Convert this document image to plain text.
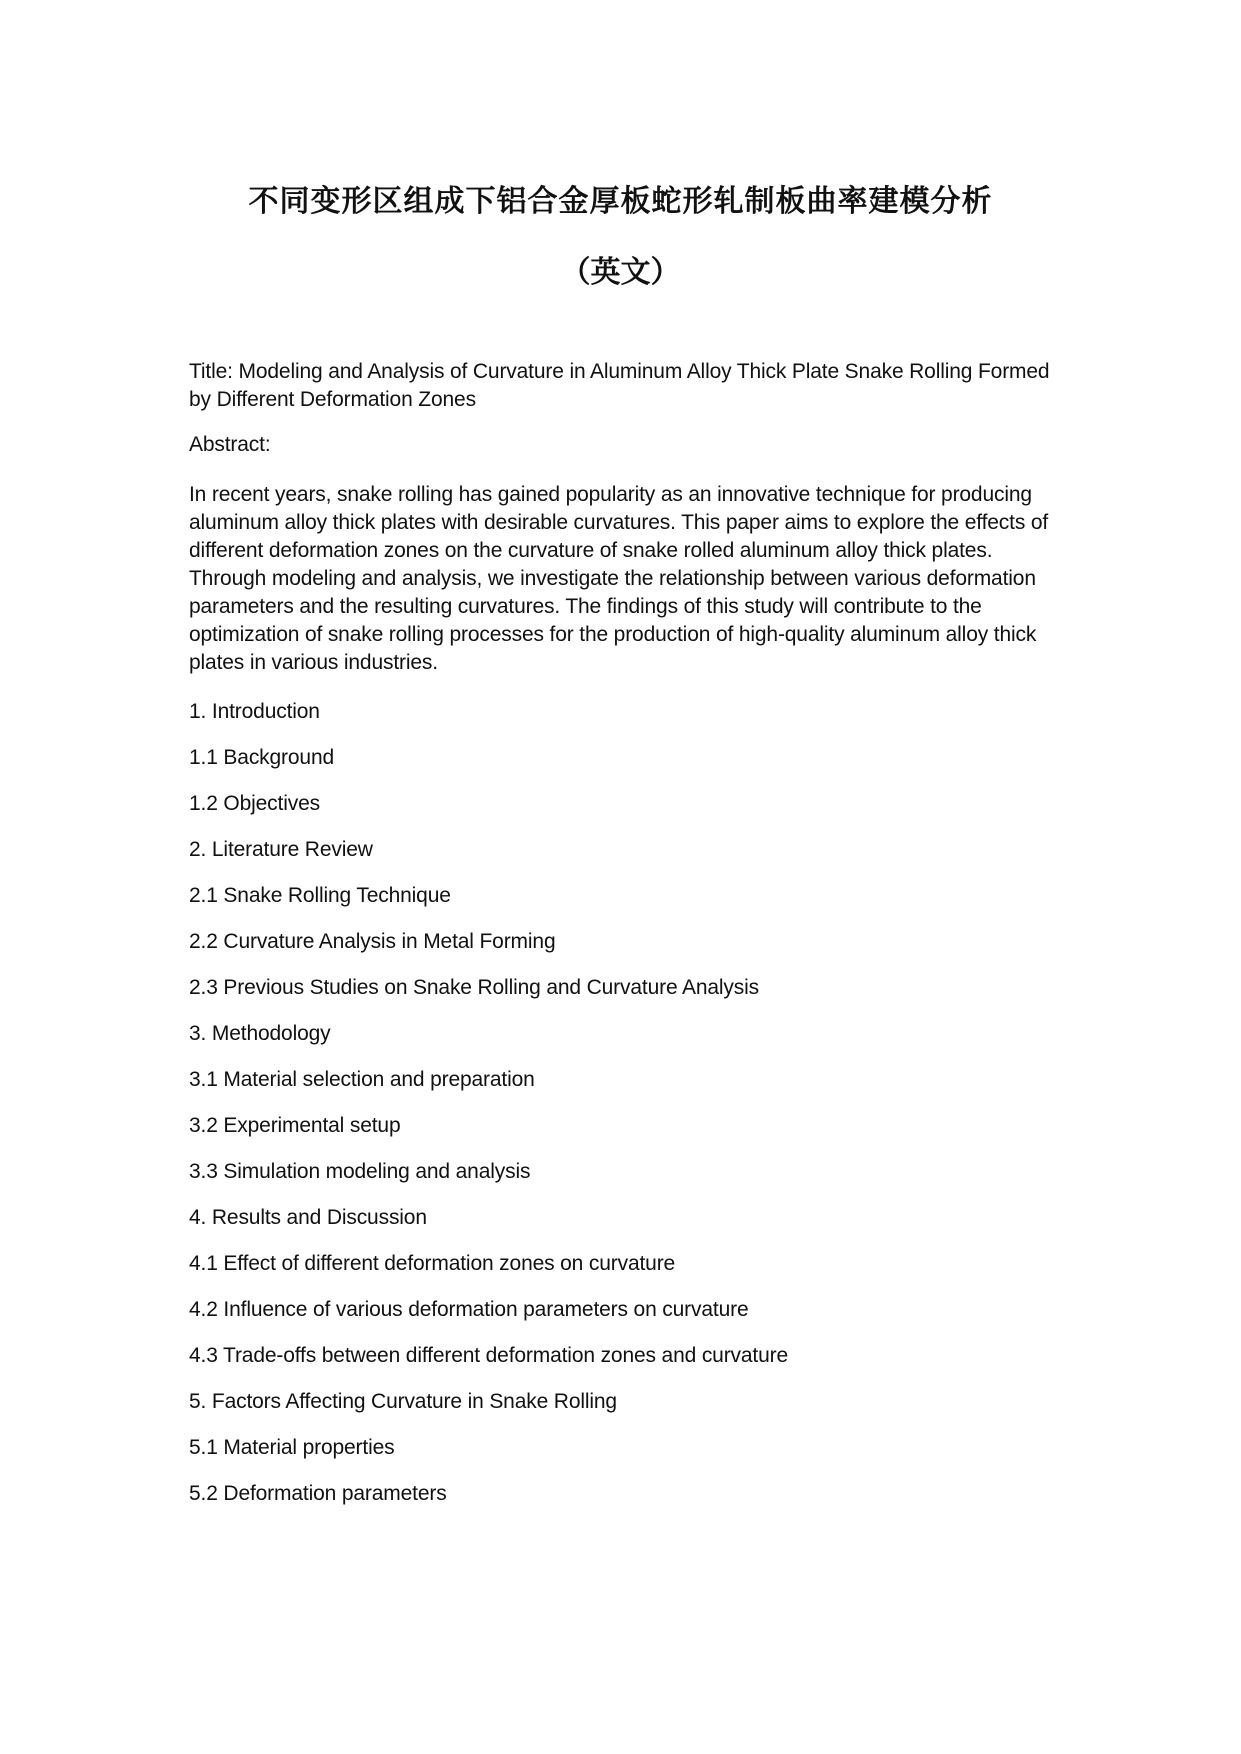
不同变形区组成下铝合金厚板蛇形轧制板曲率建模分析
（英文）

Title: Modeling and Analysis of Curvature in Aluminum Alloy Thick Plate Snake Rolling Formed by Different Deformation Zones

Abstract:

In recent years, snake rolling has gained popularity as an innovative technique for producing aluminum alloy thick plates with desirable curvatures. This paper aims to explore the effects of different deformation zones on the curvature of snake rolled aluminum alloy thick plates. Through modeling and analysis, we investigate the relationship between various deformation parameters and the resulting curvatures. The findings of this study will contribute to the optimization of snake rolling processes for the production of high-quality aluminum alloy thick plates in various industries.

1. Introduction
1.1 Background
1.2 Objectives
2. Literature Review
2.1 Snake Rolling Technique
2.2 Curvature Analysis in Metal Forming
2.3 Previous Studies on Snake Rolling and Curvature Analysis
3. Methodology
3.1 Material selection and preparation
3.2 Experimental setup
3.3 Simulation modeling and analysis
4. Results and Discussion
4.1 Effect of different deformation zones on curvature
4.2 Influence of various deformation parameters on curvature
4.3 Trade-offs between different deformation zones and curvature
5. Factors Affecting Curvature in Snake Rolling
5.1 Material properties
5.2 Deformation parameters
